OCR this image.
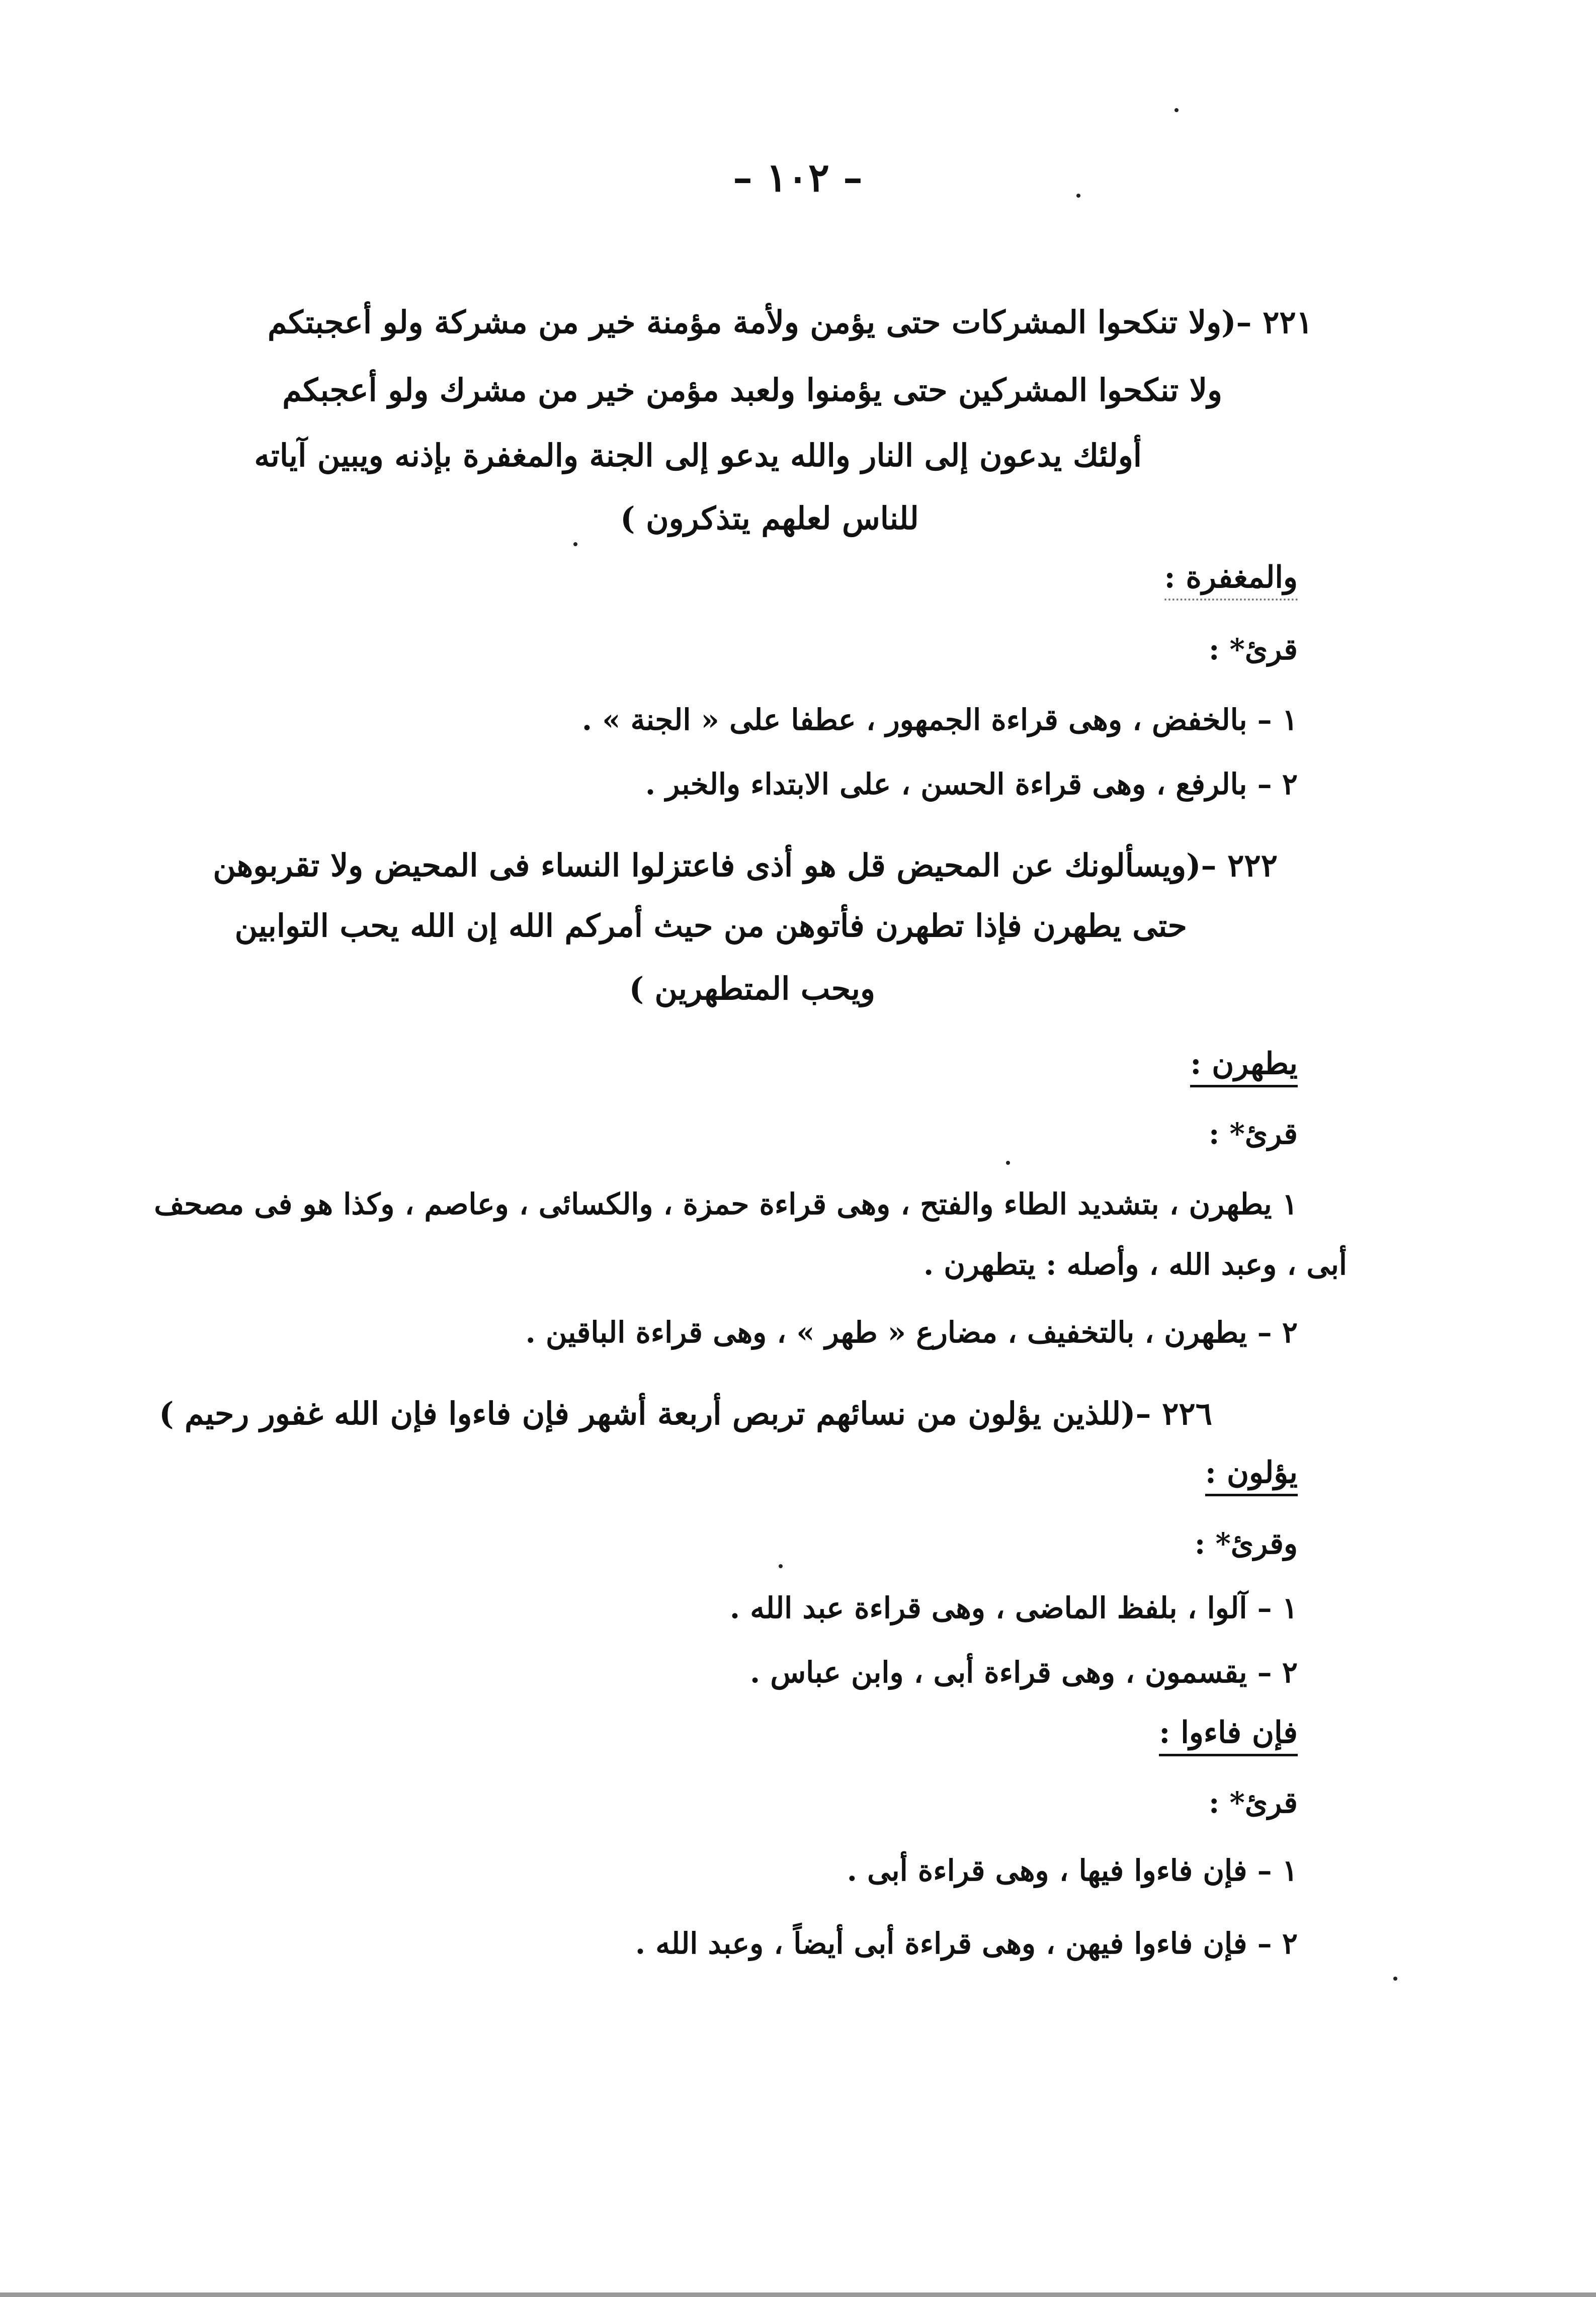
– ١٠٢ –
٢٢١ –(ولا تنكحوا المشركات حتى يؤمن ولأمة مؤمنة خير من مشركة ولو أعجبتكم
ولا تنكحوا المشركين حتى يؤمنوا ولعبد مؤمن خير من مشرك ولو أعجبكم
أولئك يدعون إلى النار والله يدعو إلى الجنة والمغفرة بإذنه ويبين آياته
للناس لعلهم يتذكرون )
والمغفرة :
قرئ* :
١ – بالخفض ، وهى قراءة الجمهور ، عطفا على « الجنة » .
٢ – بالرفع ، وهى قراءة الحسن ، على الابتداء والخبر .
٢٢٢ –(ويسألونك عن المحيض قل هو أذى فاعتزلوا النساء فى المحيض ولا تقربوهن
حتى يطهرن فإذا تطهرن فأتوهن من حيث أمركم الله إن الله يحب التوابين
ويحب المتطهرين )
يطهرن :
قرئ* :
١ يطهرن ، بتشديد الطاء والفتح ، وهى قراءة حمزة ، والكسائى ، وعاصم ، وكذا هو فى مصحف
أبى ، وعبد الله ، وأصله : يتطهرن .
٢ – يطهرن ، بالتخفيف ، مضارع « طهر » ، وهى قراءة الباقين .
٢٢٦ –(للذين يؤلون من نسائهم تربص أربعة أشهر فإن فاءوا فإن الله غفور رحيم )
يؤلون :
وقرئ* :
١ – آلوا ، بلفظ الماضى ، وهى قراءة عبد الله .
٢ – يقسمون ، وهى قراءة أبى ، وابن عباس .
فإن فاءوا :
قرئ* :
١ – فإن فاءوا فيها ، وهى قراءة أبى .
٢ – فإن فاءوا فيهن ، وهى قراءة أبى أيضاً ، وعبد الله .
